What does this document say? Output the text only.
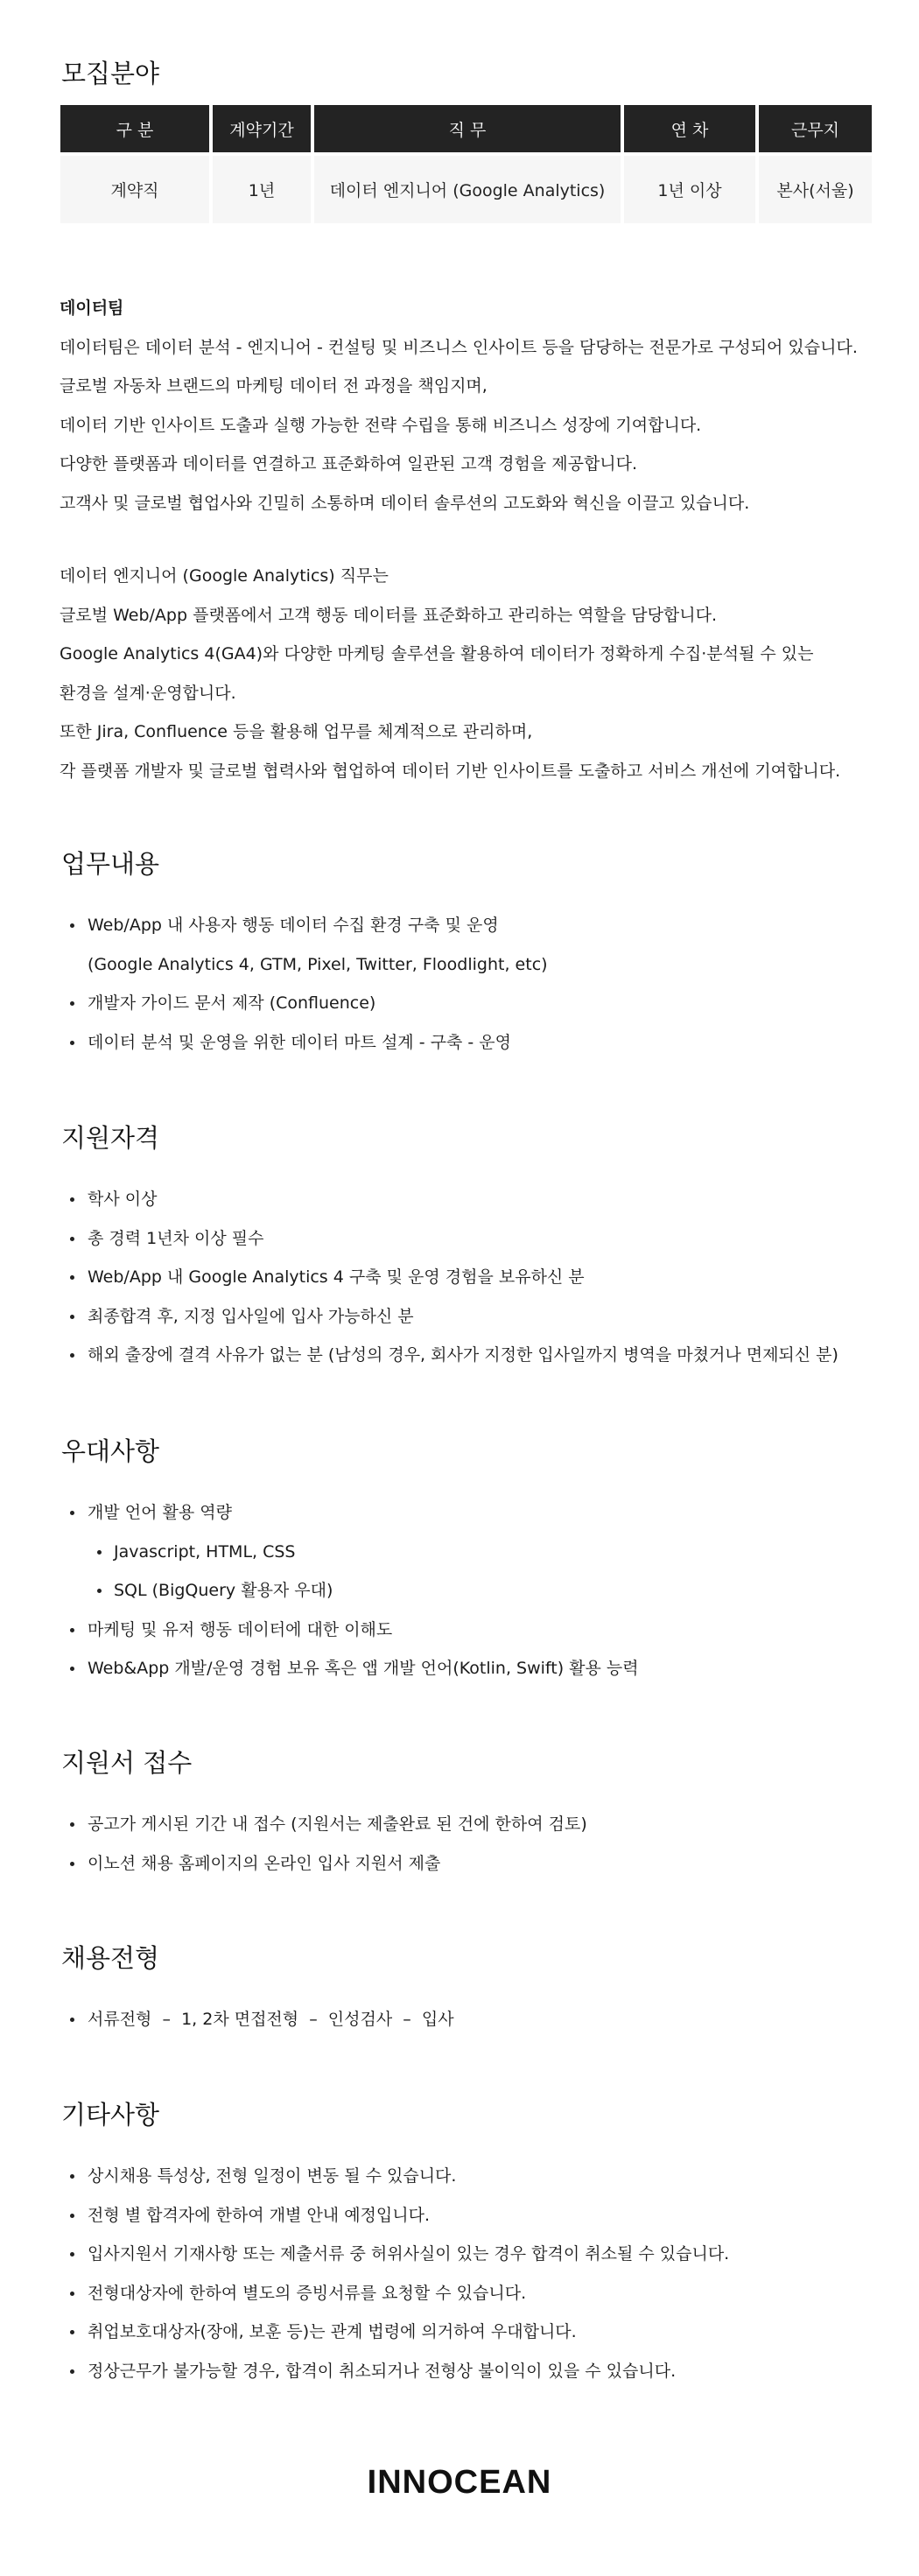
모집분야
구 분	계약기간	직 무	연 차	근무지
계약직	1년	데이터 엔지니어 (Google Analytics)	1년 이상	본사(서울)
데이터팀
데이터팀은 데이터 분석 - 엔지니어 - 컨설팅 및 비즈니스 인사이트 등을 담당하는 전문가로 구성되어 있습니다.
글로벌 자동차 브랜드의 마케팅 데이터 전 과정을 책임지며,
데이터 기반 인사이트 도출과 실행 가능한 전략 수립을 통해 비즈니스 성장에 기여합니다.
다양한 플랫폼과 데이터를 연결하고 표준화하여 일관된 고객 경험을 제공합니다.
고객사 및 글로벌 협업사와 긴밀히 소통하며 데이터 솔루션의 고도화와 혁신을 이끌고 있습니다.
데이터 엔지니어 (Google Analytics) 직무는
글로벌 Web/App 플랫폼에서 고객 행동 데이터를 표준화하고 관리하는 역할을 담당합니다.
Google Analytics 4(GA4)와 다양한 마케팅 솔루션을 활용하여 데이터가 정확하게 수집·분석될 수 있는
환경을 설계·운영합니다.
또한 Jira, Confluence 등을 활용해 업무를 체계적으로 관리하며,
각 플랫폼 개발자 및 글로벌 협력사와 협업하여 데이터 기반 인사이트를 도출하고 서비스 개선에 기여합니다.
업무내용
Web/App 내 사용자 행동 데이터 수집 환경 구축 및 운영
(Google Analytics 4, GTM, Pixel, Twitter, Floodlight, etc)
개발자 가이드 문서 제작 (Confluence)
데이터 분석 및 운영을 위한 데이터 마트 설계 - 구축 - 운영
지원자격
학사 이상
총 경력 1년차 이상 필수
Web/App 내 Google Analytics 4 구축 및 운영 경험을 보유하신 분
최종합격 후, 지정 입사일에 입사 가능하신 분
해외 출장에 결격 사유가 없는 분 (남성의 경우, 회사가 지정한 입사일까지 병역을 마쳤거나 면제되신 분)
우대사항
개발 언어 활용 역량
Javascript, HTML, CSS
SQL (BigQuery 활용자 우대)
마케팅 및 유저 행동 데이터에 대한 이해도
Web&App 개발/운영 경험 보유 혹은 앱 개발 언어(Kotlin, Swift) 활용 능력
지원서 접수
공고가 게시된 기간 내 접수 (지원서는 제출완료 된 건에 한하여 검토)
이노션 채용 홈페이지의 온라인 입사 지원서 제출
채용전형
서류전형  –  1, 2차 면접전형  –  인성검사  –  입사
기타사항
상시채용 특성상, 전형 일정이 변동 될 수 있습니다.
전형 별 합격자에 한하여 개별 안내 예정입니다.
입사지원서 기재사항 또는 제출서류 중 허위사실이 있는 경우 합격이 취소될 수 있습니다.
전형대상자에 한하여 별도의 증빙서류를 요청할 수 있습니다.
취업보호대상자(장애, 보훈 등)는 관계 법령에 의거하여 우대합니다.
정상근무가 불가능할 경우, 합격이 취소되거나 전형상 불이익이 있을 수 있습니다.
INNOCEAN
